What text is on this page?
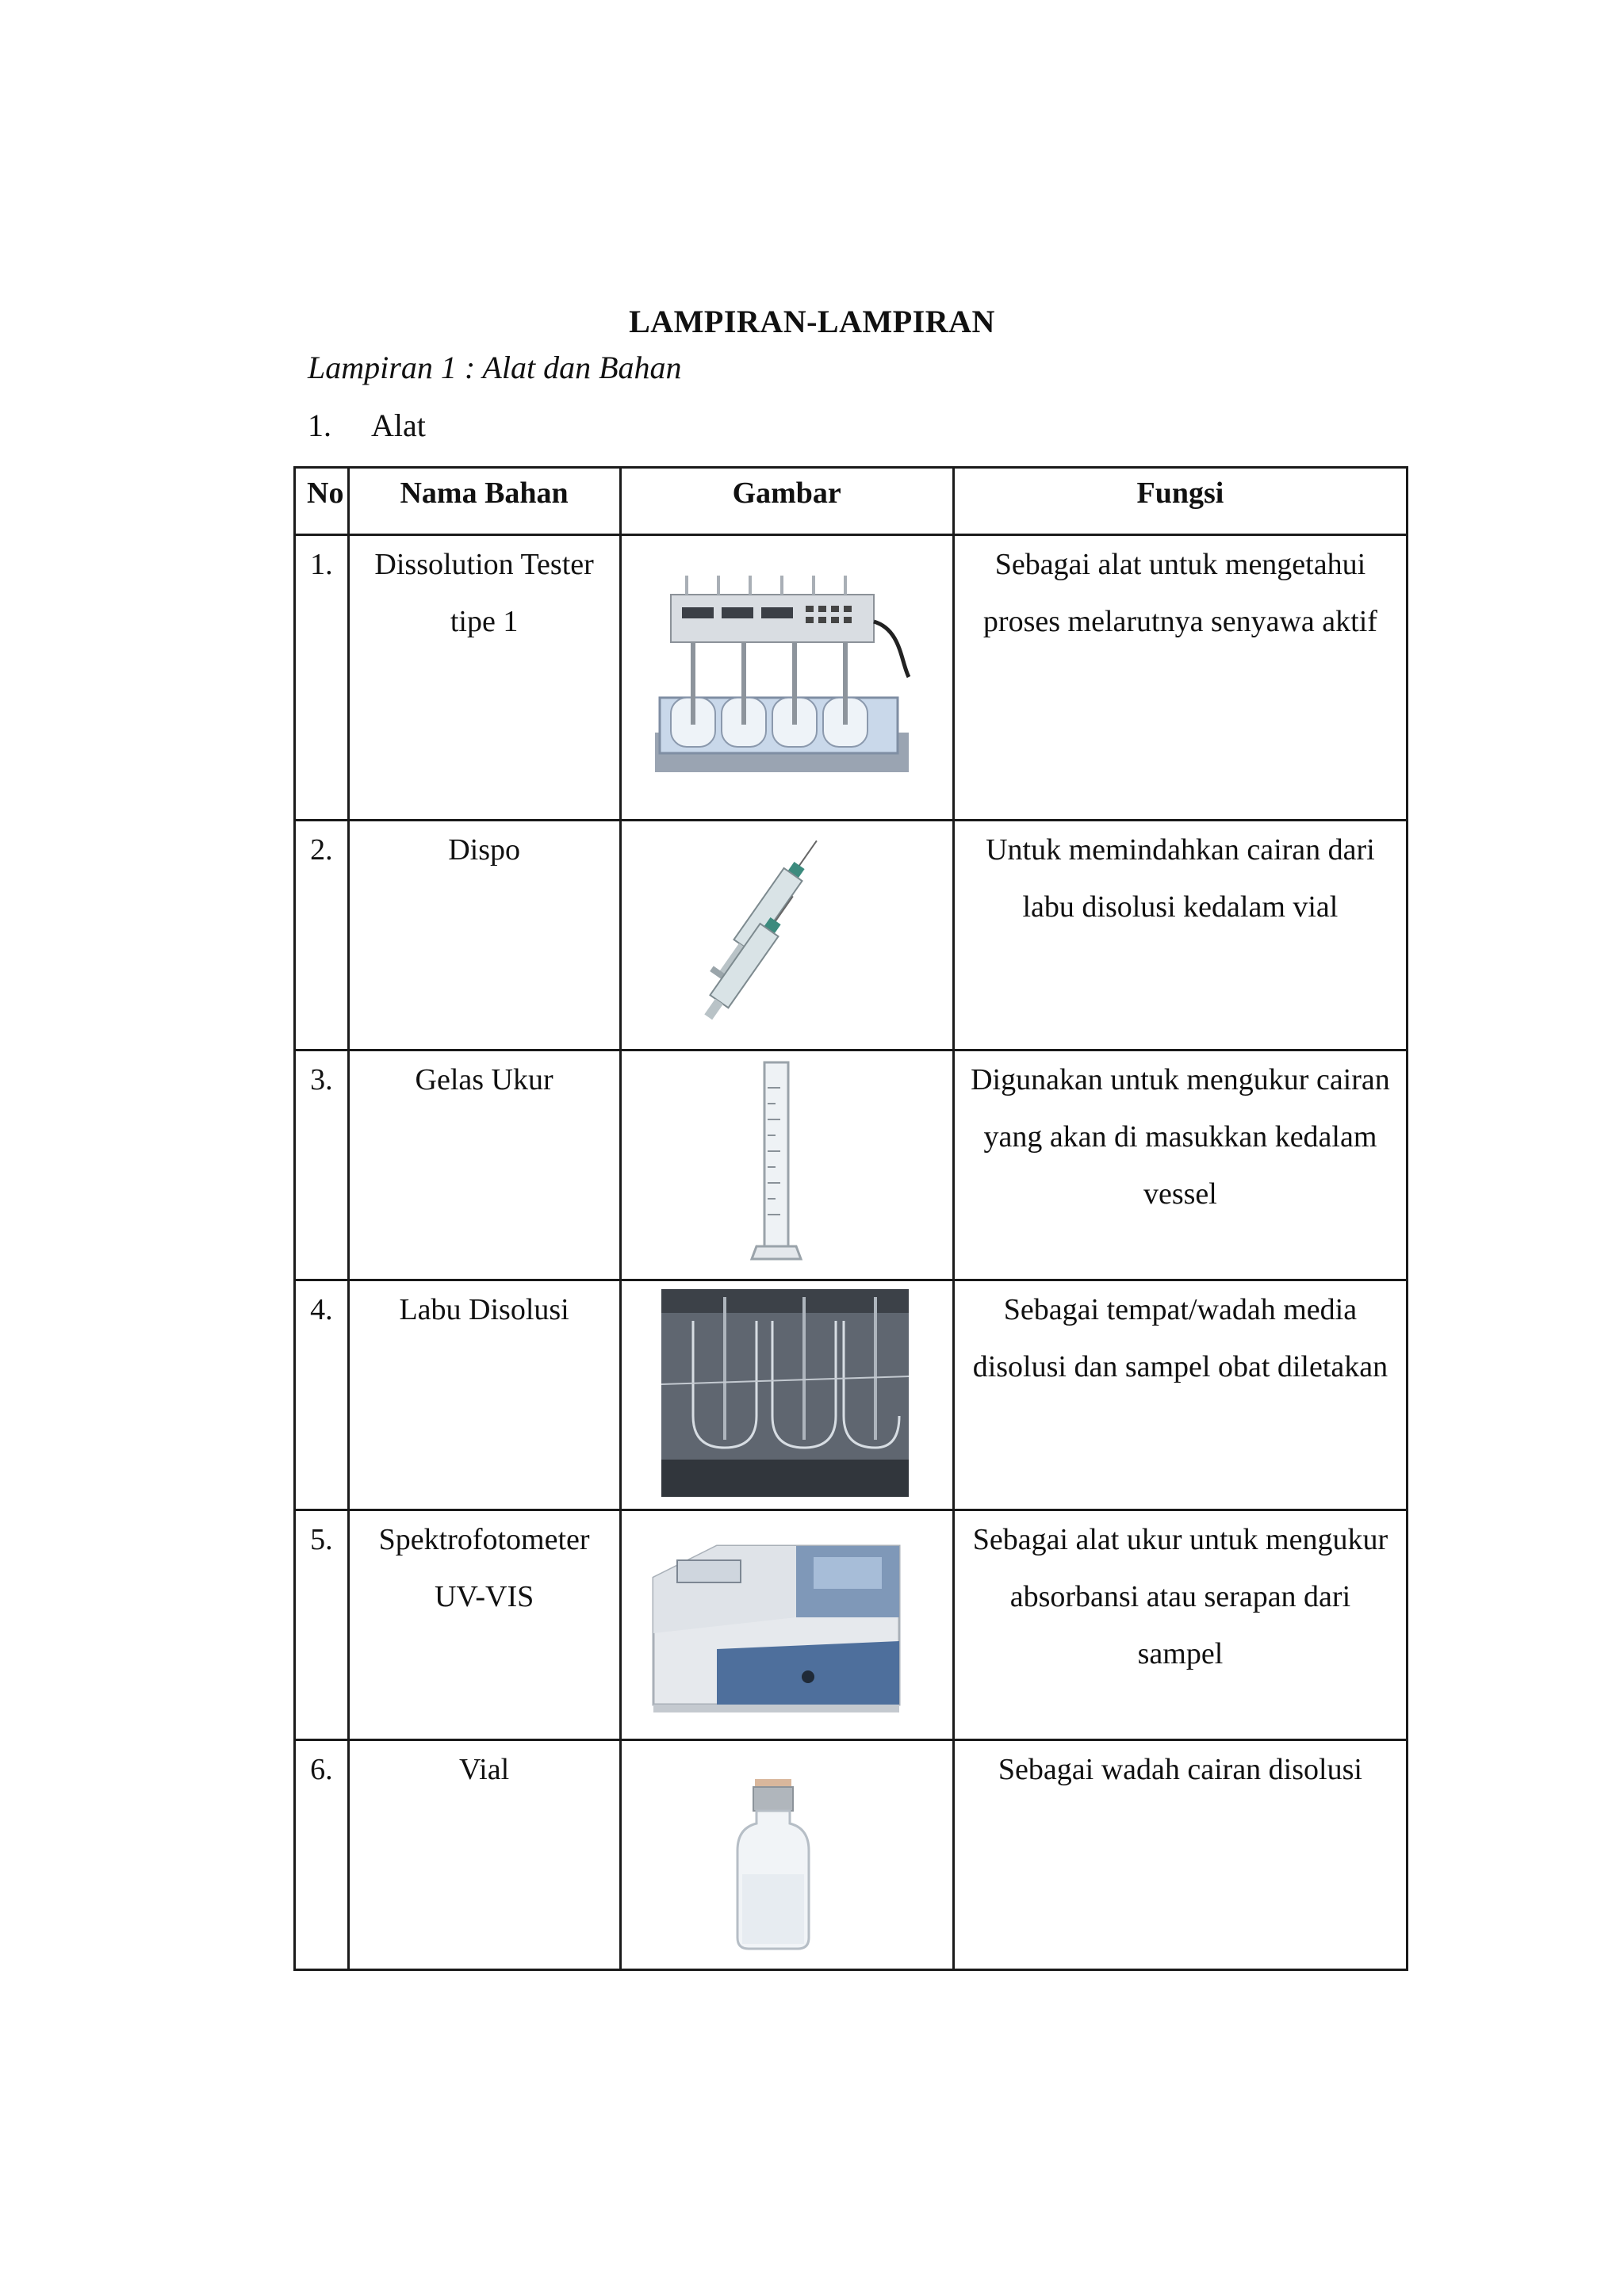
LAMPIRAN-LAMPIRAN
Lampiran 1 : Alat dan Bahan
1. Alat
No	Nama Bahan	Gambar	Fungsi
1.	Dissolution Tester tipe 1		Sebagai alat untuk mengetahui proses melarutnya senyawa aktif
2.	Dispo		Untuk memindahkan cairan dari labu disolusi kedalam vial
3.	Gelas Ukur		Digunakan untuk mengukur cairan yang akan di masukkan kedalam vessel
4.	Labu Disolusi		Sebagai tempat/wadah media disolusi dan sampel obat diletakan
5.	Spektrofotometer UV-VIS		Sebagai alat ukur untuk mengukur absorbansi atau serapan dari sampel
6.	Vial		Sebagai wadah cairan disolusi
